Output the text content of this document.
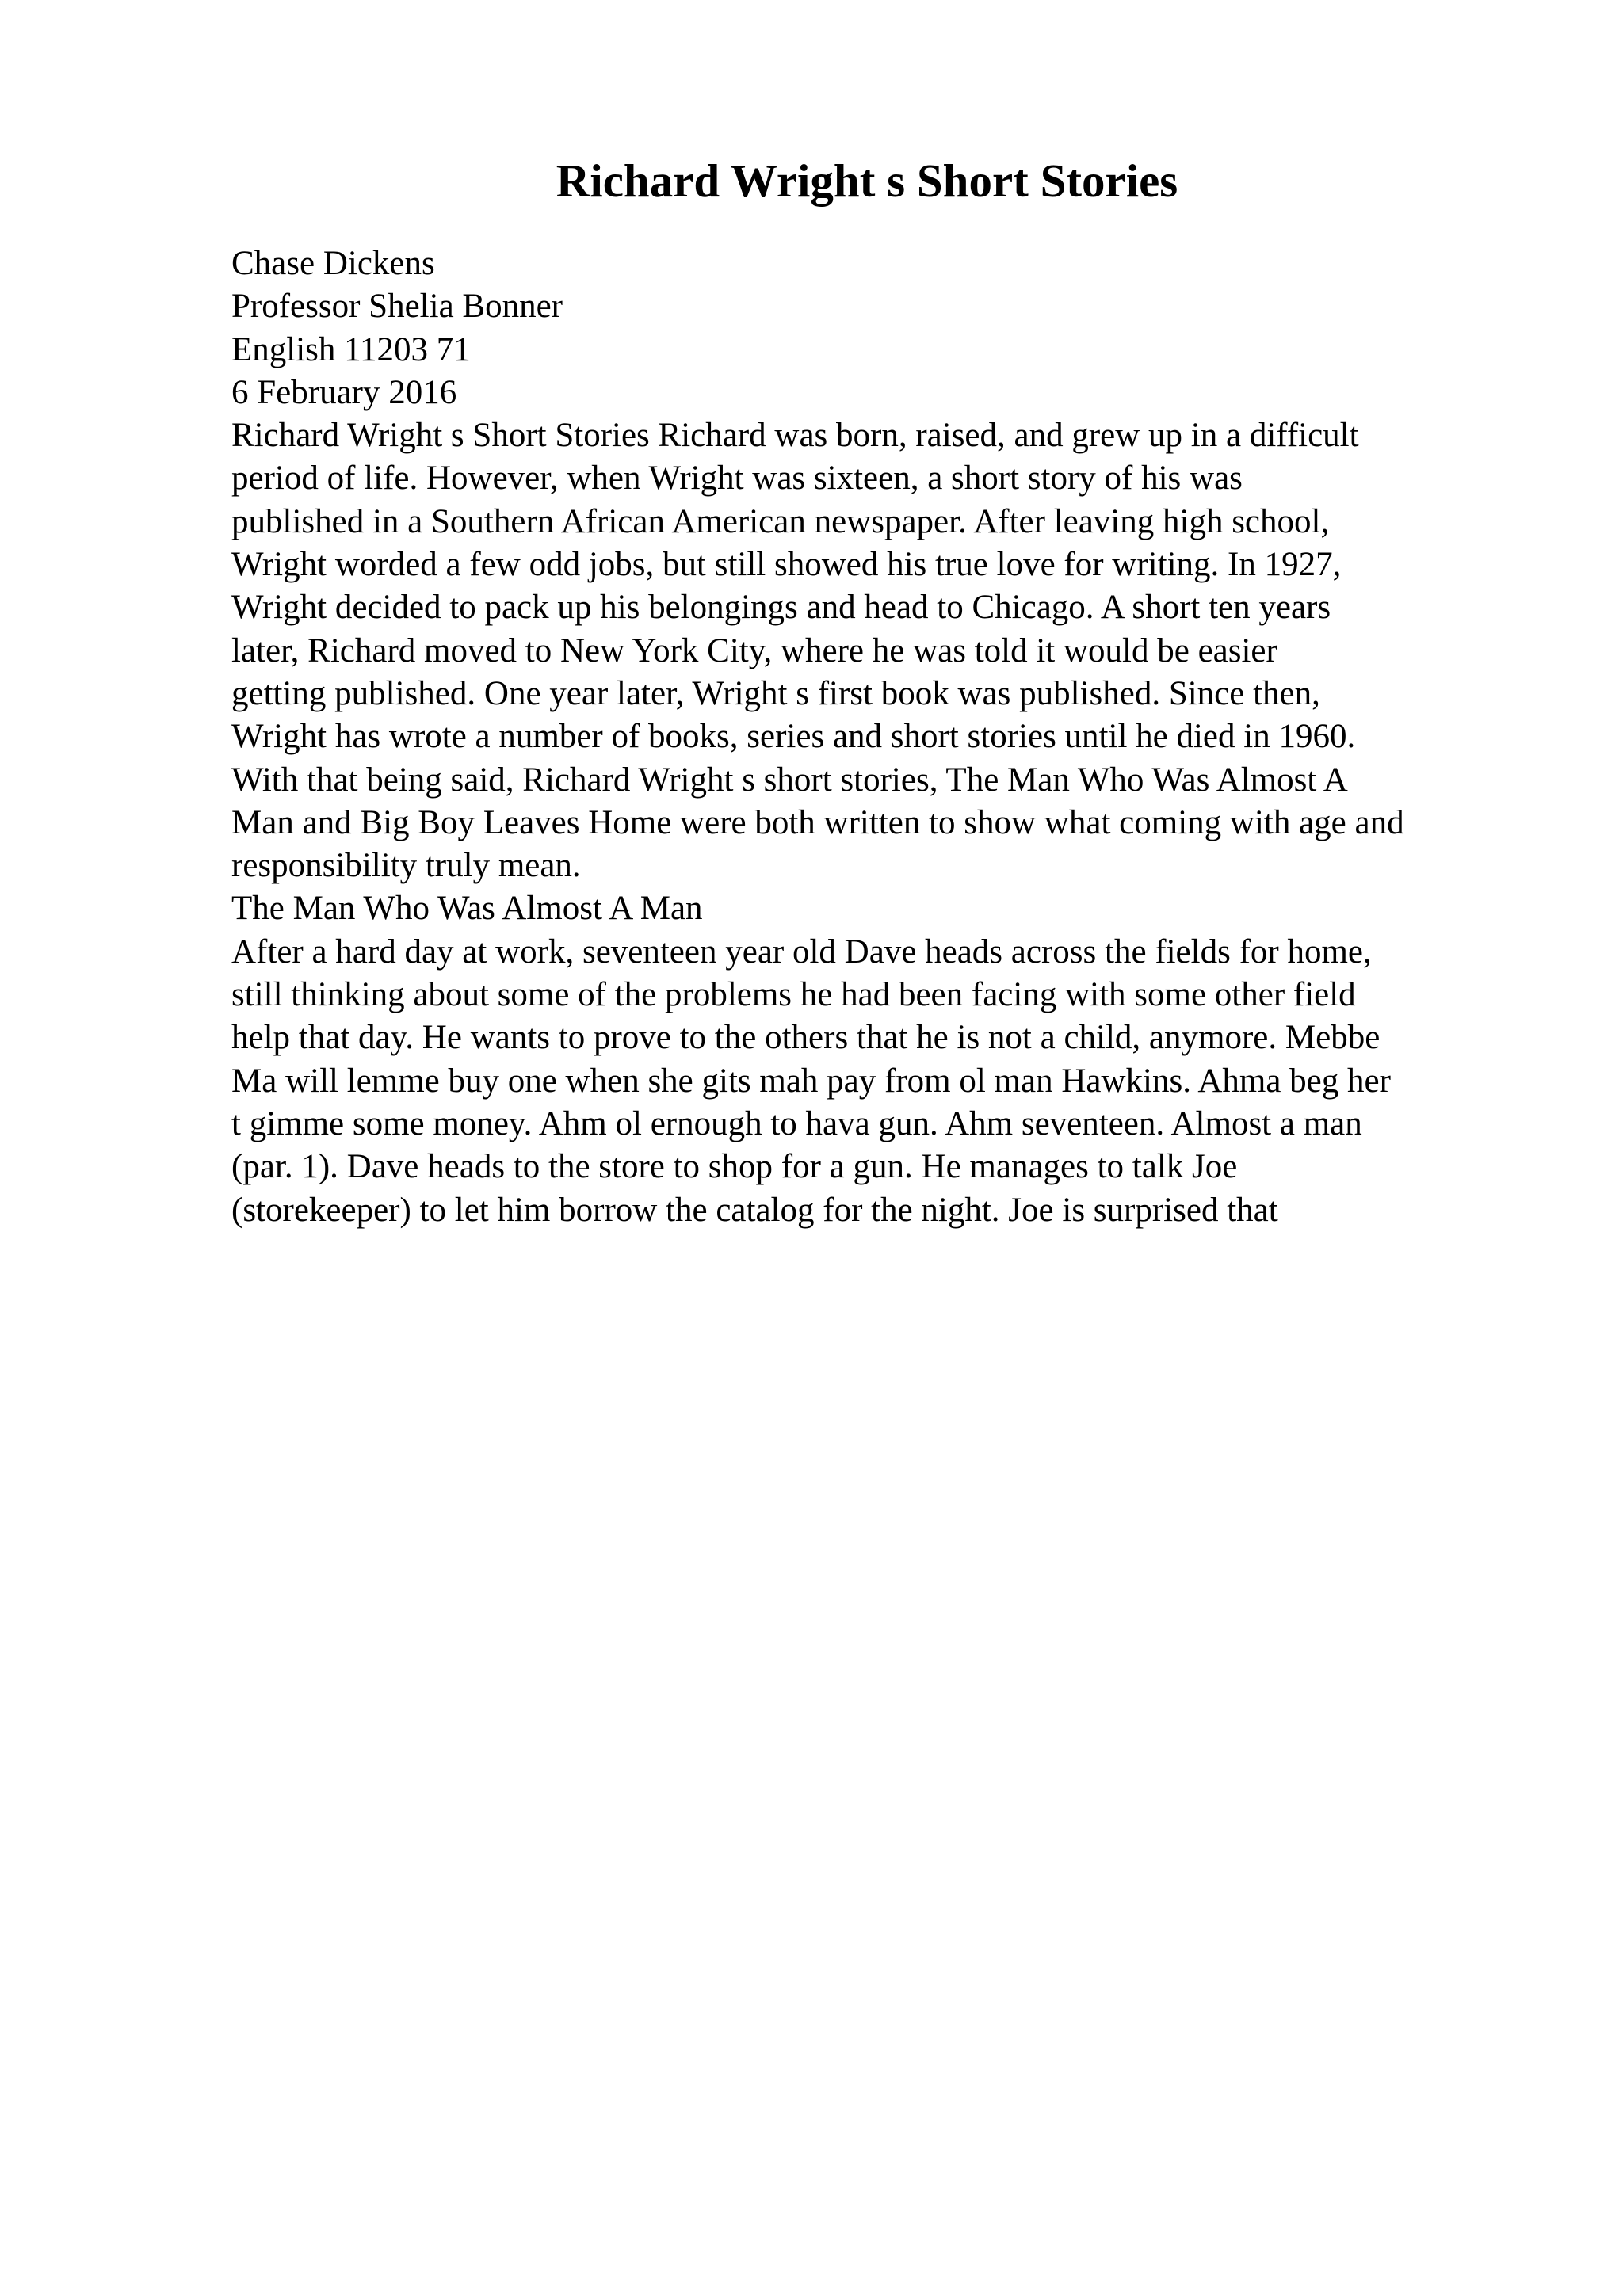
Richard Wright s Short Stories
Chase Dickens
Professor Shelia Bonner
English 11203 71
6 February 2016
Richard Wright s Short Stories Richard was born, raised, and grew up in a difficult
period of life. However, when Wright was sixteen, a short story of his was
published in a Southern African American newspaper. After leaving high school,
Wright worded a few odd jobs, but still showed his true love for writing. In 1927,
Wright decided to pack up his belongings and head to Chicago. A short ten years
later, Richard moved to New York City, where he was told it would be easier
getting published. One year later, Wright s first book was published. Since then,
Wright has wrote a number of books, series and short stories until he died in 1960.
With that being said, Richard Wright s short stories, The Man Who Was Almost A
Man and Big Boy Leaves Home were both written to show what coming with age and
responsibility truly mean.
The Man Who Was Almost A Man
After a hard day at work, seventeen year old Dave heads across the fields for home,
still thinking about some of the problems he had been facing with some other field
help that day. He wants to prove to the others that he is not a child, anymore. Mebbe
Ma will lemme buy one when she gits mah pay from ol man Hawkins. Ahma beg her
t gimme some money. Ahm ol ernough to hava gun. Ahm seventeen. Almost a man
(par. 1). Dave heads to the store to shop for a gun. He manages to talk Joe
(storekeeper) to let him borrow the catalog for the night. Joe is surprised that
